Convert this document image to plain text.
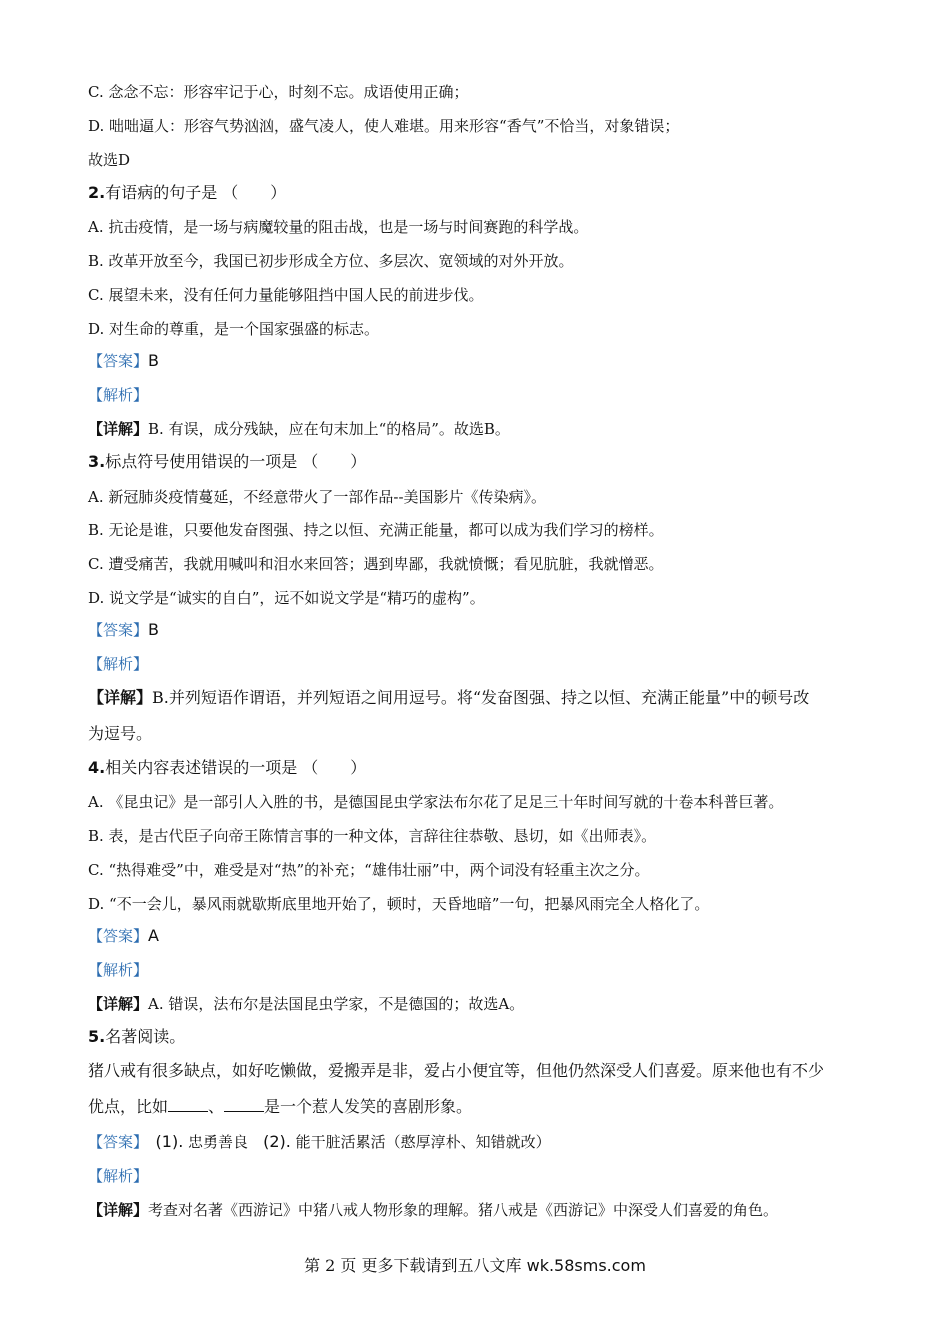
C. 念念不忘：形容牢记于心，时刻不忘。成语使用正确；
D. 咄咄逼人：形容气势汹汹，盛气凌人，使人难堪。用来形容“香气”不恰当，对象错误；
故选D
2.有语病的句子是 （　　）
A. 抗击疫情，是一场与病魔较量的阻击战，也是一场与时间赛跑的科学战。
B. 改革开放至今，我国已初步形成全方位、多层次、宽领域的对外开放。
C. 展望未来，没有任何力量能够阻挡中国人民的前进步伐。
D. 对生命的尊重，是一个国家强盛的标志。
【答案】B
【解析】
【详解】B. 有误，成分残缺，应在句末加上“的格局”。故选B。
3.标点符号使用错误的一项是 （　　）
A. 新冠肺炎疫情蔓延，不经意带火了一部作品--美国影片《传染病》。
B. 无论是谁，只要他发奋图强、持之以恒、充满正能量，都可以成为我们学习的榜样。
C. 遭受痛苦，我就用喊叫和泪水来回答；遇到卑鄙，我就愤慨；看见肮脏，我就憎恶。
D. 说文学是“诚实的自白”，远不如说文学是“精巧的虚构”。
【答案】B
【解析】
【详解】B.并列短语作谓语，并列短语之间用逗号。将“发奋图强、持之以恒、充满正能量”中的顿号改
为逗号。
4.相关内容表述错误的一项是 （　　）
A. 《昆虫记》是一部引人入胜的书，是德国昆虫学家法布尔花了足足三十年时间写就的十卷本科普巨著。
B. 表，是古代臣子向帝王陈情言事的一种文体，言辞往往恭敬、恳切，如《出师表》。
C. “热得难受”中，难受是对“热”的补充；“雄伟壮丽”中，两个词没有轻重主次之分。
D. “不一会儿，暴风雨就歇斯底里地开始了，顿时，天昏地暗”一句，把暴风雨完全人格化了。
【答案】A
【解析】
【详解】A. 错误，法布尔是法国昆虫学家，不是德国的；故选A。
5.名著阅读。
猪八戒有很多缺点，如好吃懒做，爱搬弄是非，爱占小便宜等，但他仍然深受人们喜爱。原来他也有不少
优点，比如	、	是一个惹人发笑的喜剧形象。
【答案】　 (1). 忠勇善良　 (2). 能干脏活累活（憨厚淳朴、知错就改）
【解析】
【详解】考查对名著《西游记》中猪八戒人物形象的理解。猪八戒是《西游记》中深受人们喜爱的角色。
第 2 页 更多下载请到五八文库 wk.58sms.com
